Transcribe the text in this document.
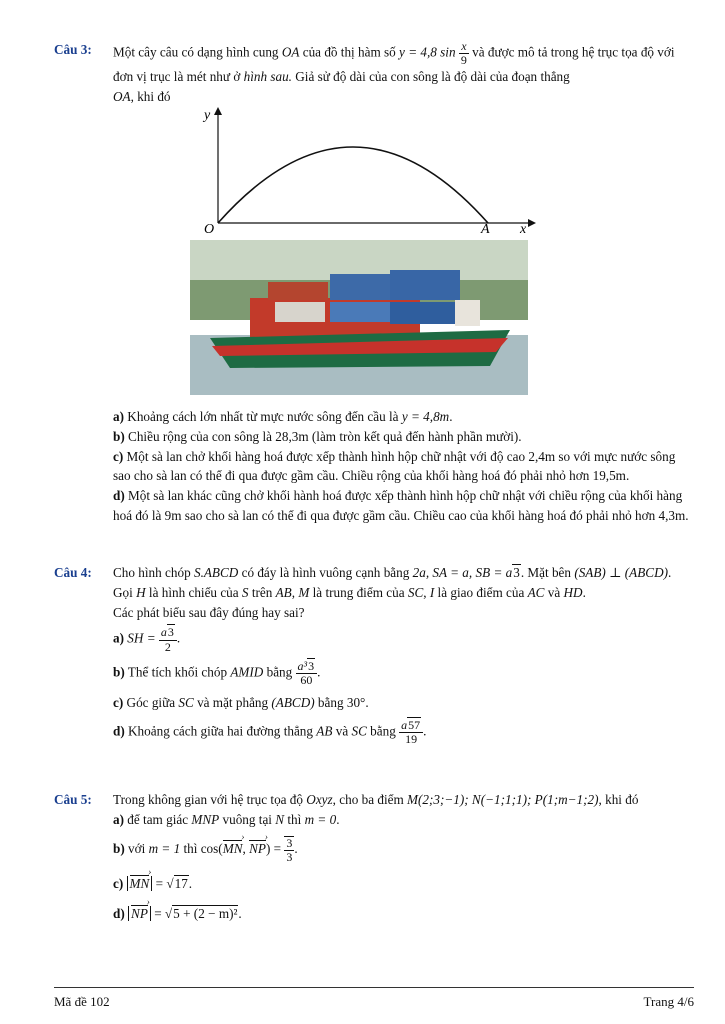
Câu 3: Một cây câu có dạng hình cung OA của đồ thị hàm số y = 4,8 $\sin \frac{x}{9}$ và được mô tả trong hệ trục tọa độ với đơn vị trục là mét như ở hình sau. Giả sử độ dài của con sông là độ dài của đoạn thẳng
OA, khi đó

y
x
O	A

a) Khoảng cách lớn nhất từ mực nước sông đến cầu là y = 4,8m.

b) Chiều rộng của con sông là 28,3m (làm tròn kết quả đến hành phần mười).

c) Một sà lan chở khối hàng hoá được xếp thành hình hộp chữ nhật với độ cao 2,4m so với mực nước sông sao cho sà lan có thể đi qua được gầm cầu. Chiều rộng của khối hàng hoá đó phải nhỏ hơn 19,5m.

d) Một sà lan khác cũng chở khối hành hoá được xếp thành hình hộp chữ nhật với chiều rộng của khối hàng hoá đó là 9m sao cho sà lan có thể đi qua được gầm cầu. Chiều cao của khối hàng hoá đó phải nhỏ hơn 4,3m.

Câu 4: Cho hình chóp S.ABCD có đáy là hình vuông cạnh bằng 2a, SA = a, SB = a3. Mặt bên (SAB) ⊥ (ABCD). Gọi H là hình chiếu của S trên AB, M là trung điểm của SC, I là giao điểm của AC và HD.

Các phát biểu sau đây đúng hay sai?

a) SH = $\frac{a3}{2}$ .

b) Thể tích khối chóp AMID bằng $\frac{\text{a³3}}{60}$ .

c) Góc giữa SC và mặt phẳng (ABCD) bằng 30°.

d) Khoảng cách giữa hai đường thẳng AB và SC bằng $\frac{a57}{19}$ .

Câu 5: Trong không gian với hệ trục tọa độ Oxyz, cho ba điểm M(2;3;−1); N(−1;1;1); P(1;m−1;2), khi đó

a) để tam giác MNP vuông tại N thì m = 0.

b) với m = 1 thì cos(MN ›, NP ›) = $\frac{3}{3}$ .

c) MN › = √17.

d) NP › = √5 + (2 − m)².

Mã đề 102	Trang 4/6
